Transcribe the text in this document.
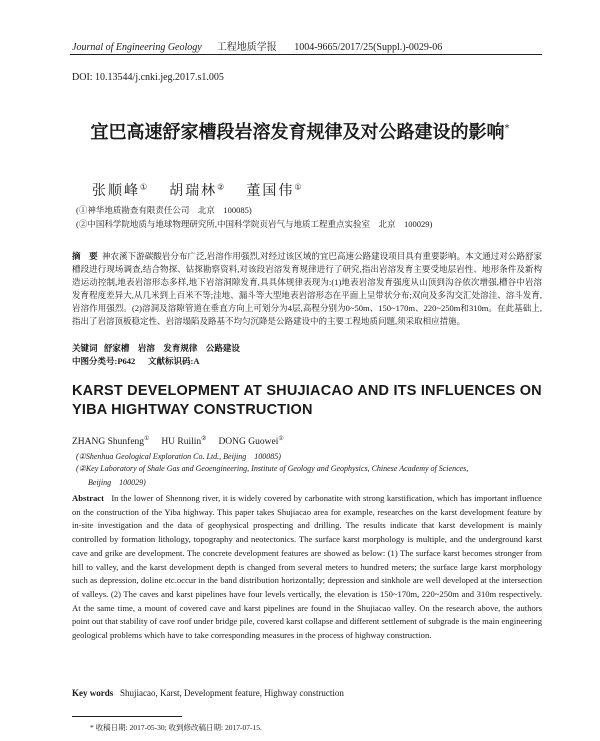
Journal of Engineering Geology 工程地质学报 1004-9665/2017/25(Suppl.)-0029-06
DOI: 10.13544/j.cnki.jeg.2017.s1.005
宜巴高速舒家槽段岩溶发育规律及对公路建设的影响*
张顺峰① 胡瑞林② 董国伟①
(①神华地质勘查有限责任公司　北京　100085)
(②中国科学院地质与地球物理研究所,中国科学院页岩气与地质工程重点实验室　北京　100029)
摘　要 神农溪下游碳酸岩分布广泛,岩溶作用强烈,对经过该区域的宜巴高速公路建设项目具有重要影响。本文通过对公路舒家槽段进行现场调查,结合物探、钻探勘察资料,对该段岩溶发育规律进行了研究,指出岩溶发育主要受地层岩性、地形条件及新构造运动控制,地表岩溶形态多样,地下岩溶洞隙发育,具具体规律表现为:(1)地表岩溶发育强度从山顶到沟谷依次增强,槽谷中岩溶发育程度差异大,从几米到上百米不等;洼地、漏斗等大型地表岩溶形态在平面上呈带状分布;双向及多沟交汇处溶洼、溶斗发育,岩溶作用强烈。(2)溶洞及溶隙管道在垂直方向上可划分为4层,高程分别为0~50m、150~170m、220~250m和310m。在此基础上,指出了岩溶顶板稳定性、岩溶塌陷及路基不均匀沉降是公路建设中的主要工程地质问题,须采取相应措施。
关键词 舒家槽　岩溶　发育规律　公路建设
中图分类号:P642 文献标识码:A
KARST DEVELOPMENT AT SHUJIACAO AND ITS INFLUENCES ON YIBA HIGHTWAY CONSTRUCTION
ZHANG Shunfeng① HU Ruilin② DONG Guowei①
(①Shenhua Geological Exploration Co. Ltd., Beijing　100085)
(②Key Laboratory of Shale Gas and Geoengineering, Institute of Geology and Geophysics, Chinese Academy of Sciences,
Beijing　100029)
Abstract In the lower of Shennong river, it is widely covered by carbonatite with strong karstification, which has important influence on the construction of the Yiba highway. This paper takes Shujiacao area for example, researches on the karst development feature by in-site investigation and the data of geophysical prospecting and drilling. The results indicate that karst development is mainly controlled by formation lithology, topography and neotectonics. The surface karst morphology is multiple, and the underground karst cave and grike are development. The concrete development features are showed as below: (1) The surface karst becomes stronger from hill to valley, and the karst development depth is changed from several meters to hundred meters; the surface large karst morphology such as depression, doline etc.occur in the band distribution horizontally; depression and sinkhole are well developed at the intersection of valleys. (2) The caves and karst pipelines have four levels vertically, the elevation is 150~170m, 220~250m and 310m respectively. At the same time, a mount of covered cave and karst pipelines are found in the Shujiacao valley. On the research above, the authors point out that stability of cave roof under bridge pile, covered karst collapse and different settlement of subgrade is the main engineering geological problems which have to take corresponding measures in the process of highway construction.
Key words Shujiacao, Karst, Development feature, Highway construction
* 收稿日期: 2017-05-30; 收到修改稿日期: 2017-07-15.
